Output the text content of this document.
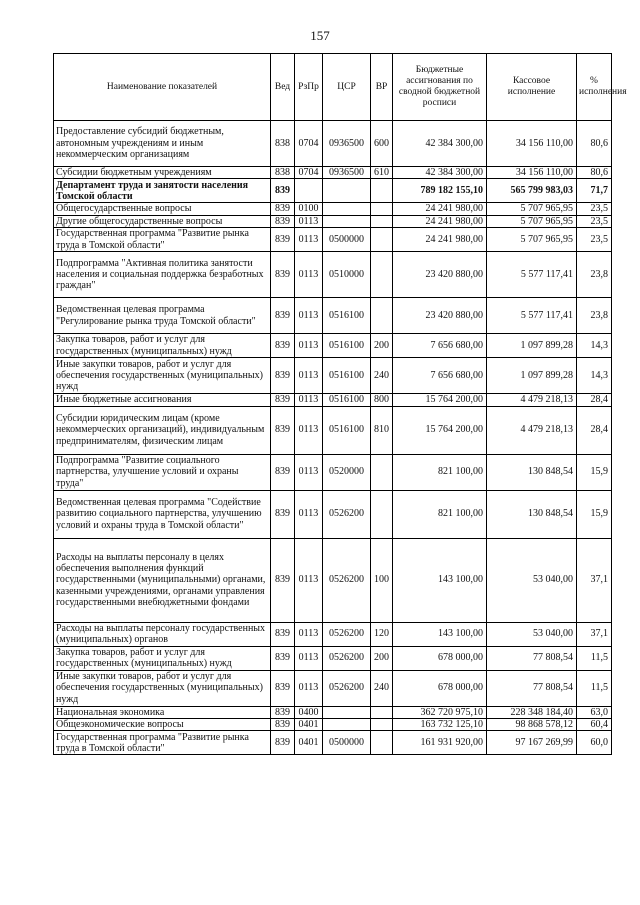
157
Наименование показателей	Вед	РзПр	ЦСР	ВР	Бюджетные ассигнования по сводной бюджетной росписи	Кассовое исполнение	% исполнения
Предоставление субсидий бюджетным, автономным учреждениям и иным некоммерческим организациям	838	0704	0936500	600	42 384 300,00	34 156 110,00	80,6
Субсидии бюджетным учреждениям	838	0704	0936500	610	42 384 300,00	34 156 110,00	80,6
Департамент труда и занятости населения Томской области	839				789 182 155,10	565 799 983,03	71,7
Общегосударственные вопросы	839	0100			24 241 980,00	5 707 965,95	23,5
Другие общегосударственные вопросы	839	0113			24 241 980,00	5 707 965,95	23,5
Государственная программа "Развитие рынка труда в Томской области"	839	0113	0500000		24 241 980,00	5 707 965,95	23,5
Подпрограмма "Активная политика занятости населения и социальная поддержка безработных граждан"	839	0113	0510000		23 420 880,00	5 577 117,41	23,8
Ведомственная целевая программа "Регулирование рынка труда Томской области"	839	0113	0516100		23 420 880,00	5 577 117,41	23,8
Закупка товаров, работ и услуг для государственных (муниципальных) нужд	839	0113	0516100	200	7 656 680,00	1 097 899,28	14,3
Иные закупки товаров, работ и услуг для обеспечения государственных (муниципальных) нужд	839	0113	0516100	240	7 656 680,00	1 097 899,28	14,3
Иные бюджетные ассигнования	839	0113	0516100	800	15 764 200,00	4 479 218,13	28,4
Субсидии юридическим лицам (кроме некоммерческих организаций), индивидуальным предпринимателям, физическим лицам	839	0113	0516100	810	15 764 200,00	4 479 218,13	28,4
Подпрограмма "Развитие социального партнерства, улучшение условий и охраны труда"	839	0113	0520000		821 100,00	130 848,54	15,9
Ведомственная целевая программа "Содействие развитию социального партнерства, улучшению условий и охраны труда в Томской области"	839	0113	0526200		821 100,00	130 848,54	15,9
Расходы на выплаты персоналу в целях обеспечения выполнения функций государственными (муниципальными) органами, казенными учреждениями, органами управления государственными внебюджетными фондами	839	0113	0526200	100	143 100,00	53 040,00	37,1
Расходы на выплаты персоналу государственных (муниципальных) органов	839	0113	0526200	120	143 100,00	53 040,00	37,1
Закупка товаров, работ и услуг для государственных (муниципальных) нужд	839	0113	0526200	200	678 000,00	77 808,54	11,5
Иные закупки товаров, работ и услуг для обеспечения государственных (муниципальных) нужд	839	0113	0526200	240	678 000,00	77 808,54	11,5
Национальная экономика	839	0400			362 720 975,10	228 348 184,40	63,0
Общеэкономические вопросы	839	0401			163 732 125,10	98 868 578,12	60,4
Государственная программа "Развитие рынка труда в Томской области"	839	0401	0500000		161 931 920,00	97 167 269,99	60,0
